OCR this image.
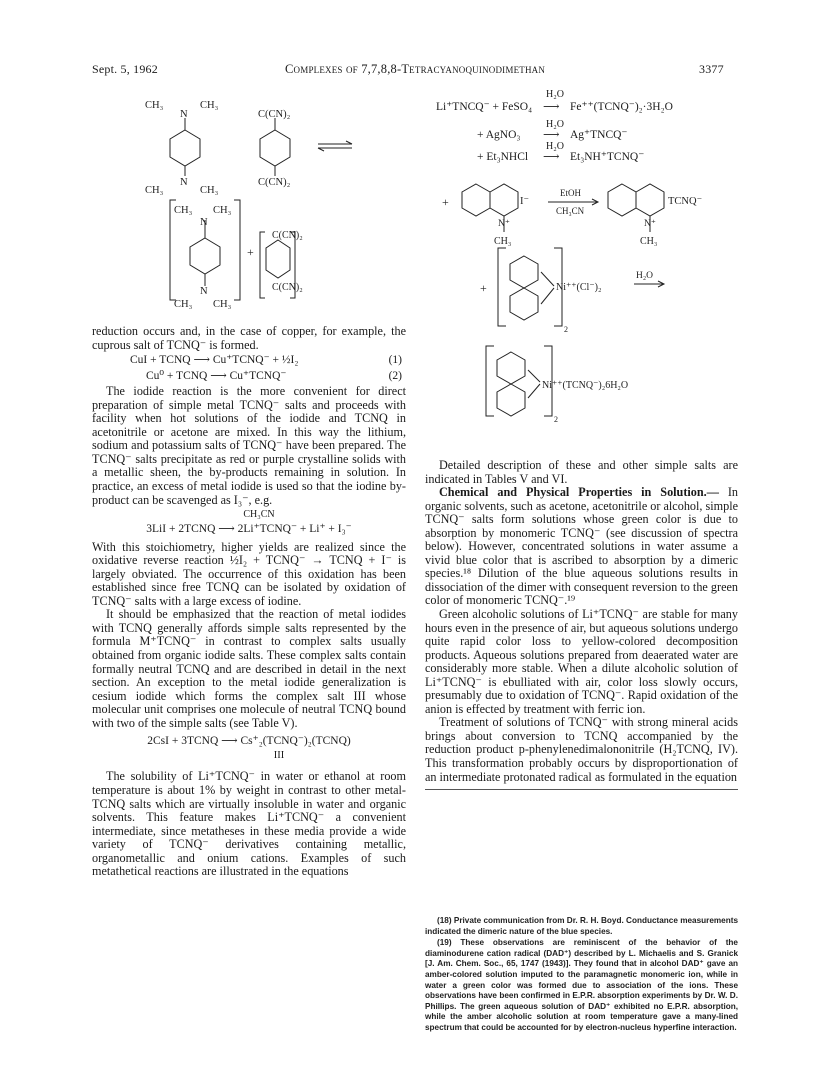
Sept. 5, 1962	Complexes of 7,7,8,8-Tetracyanoquinodimethan	3377
CH₃	CH₃
N
N
CH₃	CH₃
C(CN)₂
C(CN)₂
CH₃ CH₃
N
N
CH₃ CH₃
+
C(CN)₂
C(CN)₂
H₂O
Li⁺TNCQ⁻ + FeSO₄ ⟶ Fe⁺⁺(TCNQ⁻)₂·3H₂O
H₂O
+ AgNO₃ ⟶ Ag⁺TNCQ⁻
H₂O
+ Et₃NHCl ⟶ Et₃NH⁺TCNQ⁻
+	I⁻
N⁺
CH₃
EtOH
CH₃CN
TCNQ⁻
N⁺
CH₃
+	Ni⁺⁺(Cl⁻)₂
2
H₂O
Ni⁺⁺(TCNQ⁻)₂6H₂O
2

reduction occurs and, in the case of copper, for example, the cuprous salt of TCNQ⁻ is formed.

CuI + TCNQ ⟶ Cu⁺TCNQ⁻ + ½I₂	(1)
Cu⁰ + TCNQ ⟶ Cu⁺TCNQ⁻	(2)

The iodide reaction is the more convenient for direct preparation of simple metal TCNQ⁻ salts and proceeds with facility when hot solutions of the iodide and TCNQ in acetonitrile or acetone are mixed. In this way the lithium, sodium and potassium salts of TCNQ⁻ have been prepared. The TCNQ⁻ salts precipitate as red or purple crystalline solids with a metallic sheen, the by-products remaining in solution. In practice, an excess of metal iodide is used so that the iodine by-product can be scavenged as I₃⁻, e.g.

CH₃CN
3LiI + 2TCNQ ⟶ 2Li⁺TCNQ⁻ + Li⁺ + I₃⁻

With this stoichiometry, higher yields are realized since the oxidative reverse reaction ½I₂ + TCNQ⁻ → TCNQ + I⁻ is largely obviated. The occurrence of this oxidation has been established since free TCNQ can be isolated by oxidation of TCNQ⁻ salts with a large excess of iodine.

It should be emphasized that the reaction of metal iodides with TCNQ generally affords simple salts represented by the formula M⁺TCNQ⁻ in contrast to complex salts usually obtained from organic iodide salts. These complex salts contain formally neutral TCNQ and are described in detail in the next section. An exception to the metal iodide generalization is cesium iodide which forms the complex salt III whose molecular unit comprises one molecule of neutral TCNQ bound with two of the simple salts (see Table V).

2CsI + 3TCNQ ⟶ Cs⁺₂(TCNQ⁻)₂(TCNQ)
III

The solubility of Li⁺TCNQ⁻ in water or ethanol at room temperature is about 1% by weight in contrast to other metal-TCNQ salts which are virtually insoluble in water and organic solvents. This feature makes Li⁺TCNQ⁻ a convenient intermediate, since metatheses in these media provide a wide variety of TCNQ⁻ derivatives containing metallic, organometallic and onium cations. Examples of such metathetical reactions are illustrated in the equations

Detailed description of these and other simple salts are indicated in Tables V and VI.

Chemical and Physical Properties in Solution.— In organic solvents, such as acetone, acetonitrile or alcohol, simple TCNQ⁻ salts form solutions whose green color is due to absorption by monomeric TCNQ⁻ (see discussion of spectra below). However, concentrated solutions in water assume a vivid blue color that is ascribed to absorption by a dimeric species.¹⁸ Dilution of the blue aqueous solutions results in dissociation of the dimer with consequent reversion to the green color of monomeric TCNQ⁻.¹⁹

Green alcoholic solutions of Li⁺TCNQ⁻ are stable for many hours even in the presence of air, but aqueous solutions undergo quite rapid color loss to yellow-colored decomposition products. Aqueous solutions prepared from deaerated water are considerably more stable. When a dilute alcoholic solution of Li⁺TCNQ⁻ is ebulliated with air, color loss slowly occurs, presumably due to oxidation of TCNQ⁻. Rapid oxidation of the anion is effected by treatment with ferric ion.

Treatment of solutions of TCNQ⁻ with strong mineral acids brings about conversion to TCNQ accompanied by the reduction product p-phenylenedimalononitrile (H₂TCNQ, IV). This transformation probably occurs by disproportionation of an intermediate protonated radical as formulated in the equation

(18) Private communication from Dr. R. H. Boyd. Conductance measurements indicated the dimeric nature of the blue species.

(19) These observations are reminiscent of the behavior of the diaminodurene cation radical (DAD⁺) described by L. Michaelis and S. Granick [J. Am. Chem. Soc., 65, 1747 (1943)]. They found that in alcohol DAD⁺ gave an amber-colored solution imputed to the paramagnetic monomeric ion, while in water a green color was formed due to association of the ions. These observations have been confirmed in E.P.R. absorption experiments by Dr. W. D. Phillips. The green aqueous solution of DAD⁺ exhibited no E.P.R. absorption, while the amber alcoholic solution at room temperature gave a many-lined spectrum that could be accounted for by electron-nucleus hyperfine interaction.
